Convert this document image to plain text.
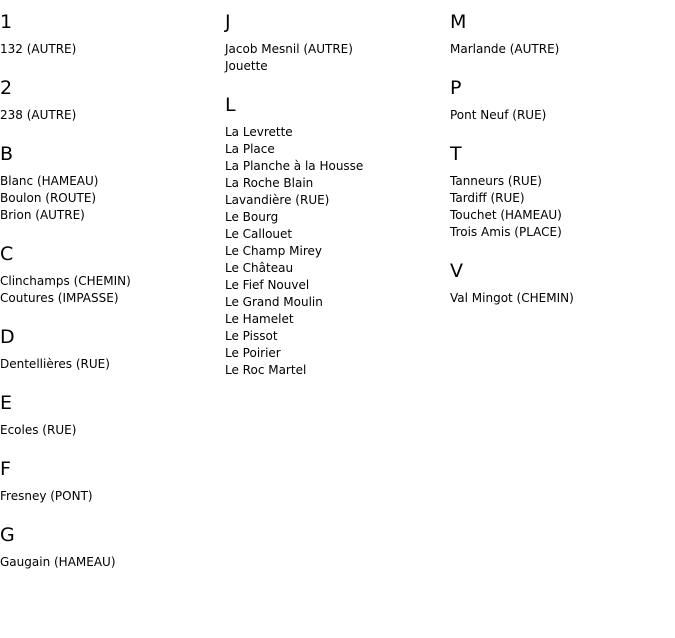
1
132 (AUTRE)
2
238 (AUTRE)
B
Blanc (HAMEAU)
Boulon (ROUTE)
Brion (AUTRE)
C
Clinchamps (CHEMIN)
Coutures (IMPASSE)
D
Dentellières (RUE)
E
Ecoles (RUE)
F
Fresney (PONT)
G
Gaugain (HAMEAU)
J
Jacob Mesnil (AUTRE)
Jouette
L
La Levrette
La Place
La Planche à la Housse
La Roche Blain
Lavandière (RUE)
Le Bourg
Le Callouet
Le Champ Mirey
Le Château
Le Fief Nouvel
Le Grand Moulin
Le Hamelet
Le Pissot
Le Poirier
Le Roc Martel
M
Marlande (AUTRE)
P
Pont Neuf (RUE)
T
Tanneurs (RUE)
Tardiff (RUE)
Touchet (HAMEAU)
Trois Amis (PLACE)
V
Val Mingot (CHEMIN)
